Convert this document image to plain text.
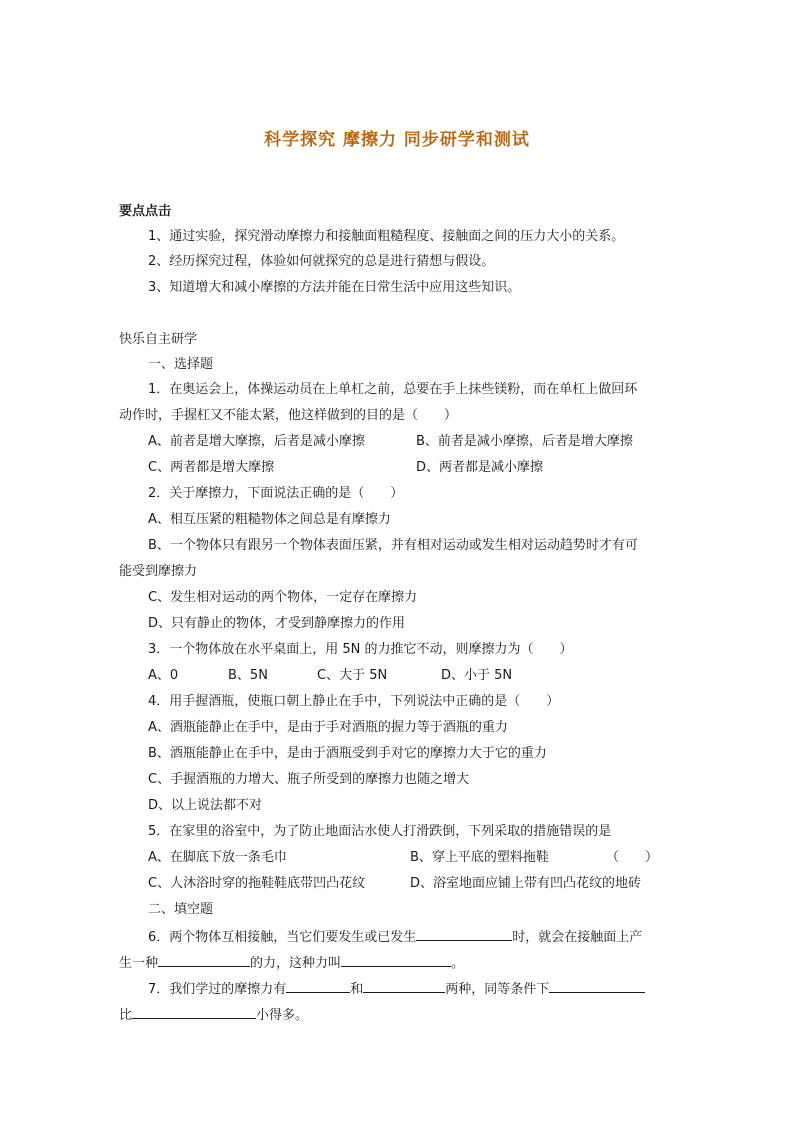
科学探究 摩擦力 同步研学和测试
要点点击
1、通过实验，探究滑动摩擦力和接触面粗糙程度、接触面之间的压力大小的关系。
2、经历探究过程，体验如何就探究的总是进行猜想与假设。
3、知道增大和减小摩擦的方法并能在日常生活中应用这些知识。
快乐自主研学
一、选择题
1．在奥运会上，体操运动员在上单杠之前，总要在手上抹些镁粉，而在单杠上做回环
动作时，手握杠又不能太紧，他这样做到的目的是（　　）
A、前者是增大摩擦，后者是减小摩擦	B、前者是减小摩擦，后者是增大摩擦
C、两者都是增大摩擦	D、两者都是减小摩擦
2．关于摩擦力，下面说法正确的是（　　）
A、相互压紧的粗糙物体之间总是有摩擦力
B、一个物体只有跟另一个物体表面压紧，并有相对运动或发生相对运动趋势时才有可
能受到摩擦力
C、发生相对运动的两个物体，一定存在摩擦力
D、只有静止的物体，才受到静摩擦力的作用
3．一个物体放在水平桌面上，用 5N 的力推它不动，则摩擦力为（　　）
A、0	B、5N	C、大于 5N	D、小于 5N
4．用手握酒瓶，使瓶口朝上静止在手中，下列说法中正确的是（　　）
A、酒瓶能静止在手中，是由于手对酒瓶的握力等于酒瓶的重力
B、酒瓶能静止在手中，是由于酒瓶受到手对它的摩擦力大于它的重力
C、手握酒瓶的力增大、瓶子所受到的摩擦力也随之增大
D、以上说法都不对
5．在家里的浴室中，为了防止地面沾水使人打滑跌倒，下列采取的措施错误的是
A、在脚底下放一条毛巾	B、穿上平底的塑料拖鞋	（　　）
C、人沐浴时穿的拖鞋鞋底带凹凸花纹	D、浴室地面应铺上带有凹凸花纹的地砖
二、填空题
6．两个物体互相接触，当它们要发生或已发生	时，就会在接触面上产
生一种	的力，这种力叫	。
7．我们学过的摩擦力有	和	两种，同等条件下
比	小得多。
